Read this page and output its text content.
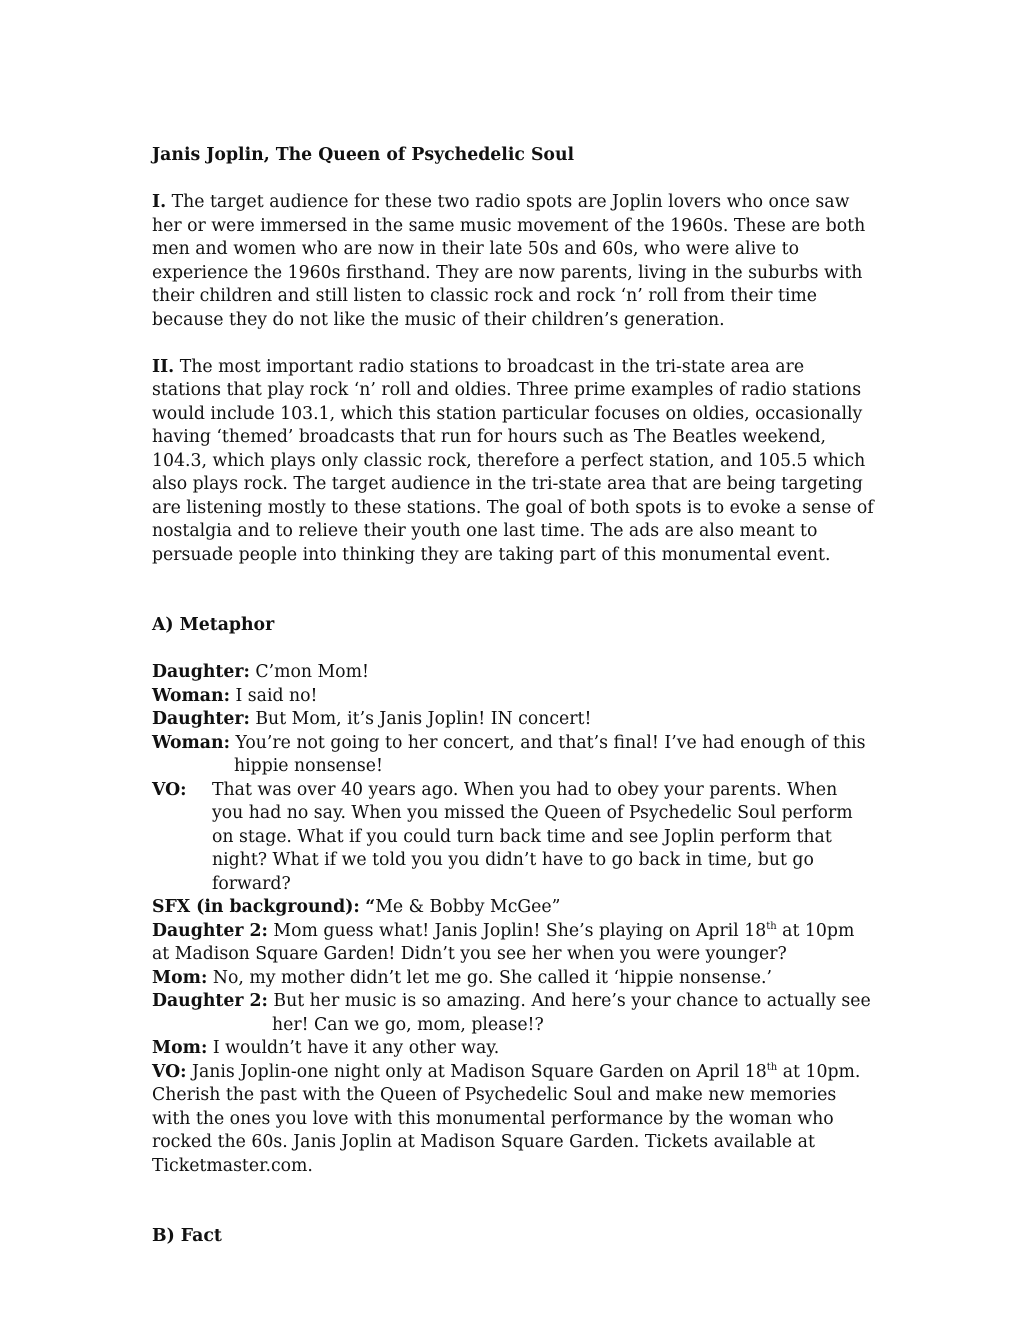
Janis Joplin, The Queen of Psychedelic Soul

I. The target audience for these two radio spots are Joplin lovers who once saw her or were immersed in the same music movement of the 1960s. These are both men and women who are now in their late 50s and 60s, who were alive to experience the 1960s firsthand. They are now parents, living in the suburbs with their children and still listen to classic rock and rock ‘n’ roll from their time because they do not like the music of their children’s generation.

II. The most important radio stations to broadcast in the tri-state area are stations that play rock ‘n’ roll and oldies. Three prime examples of radio stations would include 103.1, which this station particular focuses on oldies, occasionally having ‘themed’ broadcasts that run for hours such as The Beatles weekend, 104.3, which plays only classic rock, therefore a perfect station, and 105.5 which also plays rock. The target audience in the tri-state area that are being targeting are listening mostly to these stations. The goal of both spots is to evoke a sense of nostalgia and to relieve their youth one last time. The ads are also meant to persuade people into thinking they are taking part of this monumental event.

A) Metaphor

Daughter: C’mon Mom!

Woman: I said no!

Daughter: But Mom, it’s Janis Joplin! IN concert!

Woman: You’re not going to her concert, and that’s final! I’ve had enough of this

hippie nonsense!

VO:	That was over 40 years ago. When you had to obey your parents. When you had no say. When you missed the Queen of Psychedelic Soul perform on stage. What if you could turn back time and see Joplin perform that night? What if we told you you didn’t have to go back in time, but go forward?

SFX (in background): “Me & Bobby McGee”

Daughter 2: Mom guess what! Janis Joplin! She’s playing on April 18th at 10pm at Madison Square Garden! Didn’t you see her when you were younger?

Mom: No, my mother didn’t let me go. She called it ‘hippie nonsense.’

Daughter 2: But her music is so amazing. And here’s your chance to actually see

her! Can we go, mom, please!?

Mom: I wouldn’t have it any other way.

VO: Janis Joplin-one night only at Madison Square Garden on April 18th at 10pm. Cherish the past with the Queen of Psychedelic Soul and make new memories with the ones you love with this monumental performance by the woman who rocked the 60s. Janis Joplin at Madison Square Garden. Tickets available at Ticketmaster.com.

B) Fact
